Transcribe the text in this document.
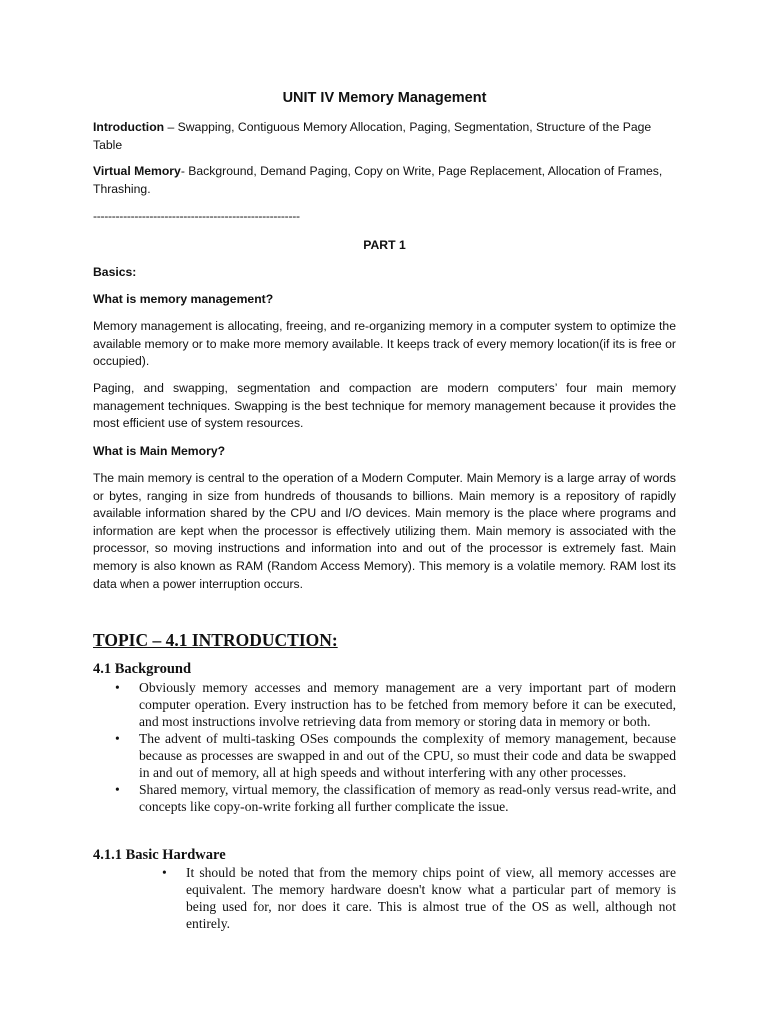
UNIT IV Memory Management

Introduction – Swapping, Contiguous Memory Allocation, Paging, Segmentation, Structure of the Page Table

Virtual Memory- Background, Demand Paging, Copy on Write, Page Replacement, Allocation of Frames, Thrashing.

-------------------------------------------------------

PART 1

Basics:

What is memory management?

Memory management is allocating, freeing, and re-organizing memory in a computer system to optimize the available memory or to make more memory available. It keeps track of every memory location(if its is free or occupied).

Paging, and swapping, segmentation and compaction are modern computers’ four main memory management techniques. Swapping is the best technique for memory management because it provides the most efficient use of system resources.

What is Main Memory?

The main memory is central to the operation of a Modern Computer. Main Memory is a large array of words or bytes, ranging in size from hundreds of thousands to billions. Main memory is a repository of rapidly available information shared by the CPU and I/O devices. Main memory is the place where programs and information are kept when the processor is effectively utilizing them. Main memory is associated with the processor, so moving instructions and information into and out of the processor is extremely fast. Main memory is also known as RAM (Random Access Memory). This memory is a volatile memory. RAM lost its data when a power interruption occurs.

TOPIC – 4.1 INTRODUCTION:

4.1 Background

• Obviously memory accesses and memory management are a very important part of modern computer operation. Every instruction has to be fetched from memory before it can be executed, and most instructions involve retrieving data from memory or storing data in memory or both.
• The advent of multi-tasking OSes compounds the complexity of memory management, because because as processes are swapped in and out of the CPU, so must their code and data be swapped in and out of memory, all at high speeds and without interfering with any other processes.
• Shared memory, virtual memory, the classification of memory as read-only versus read-write, and concepts like copy-on-write forking all further complicate the issue.

4.1.1 Basic Hardware

• It should be noted that from the memory chips point of view, all memory accesses are equivalent. The memory hardware doesn't know what a particular part of memory is being used for, nor does it care. This is almost true of the OS as well, although not entirely.
